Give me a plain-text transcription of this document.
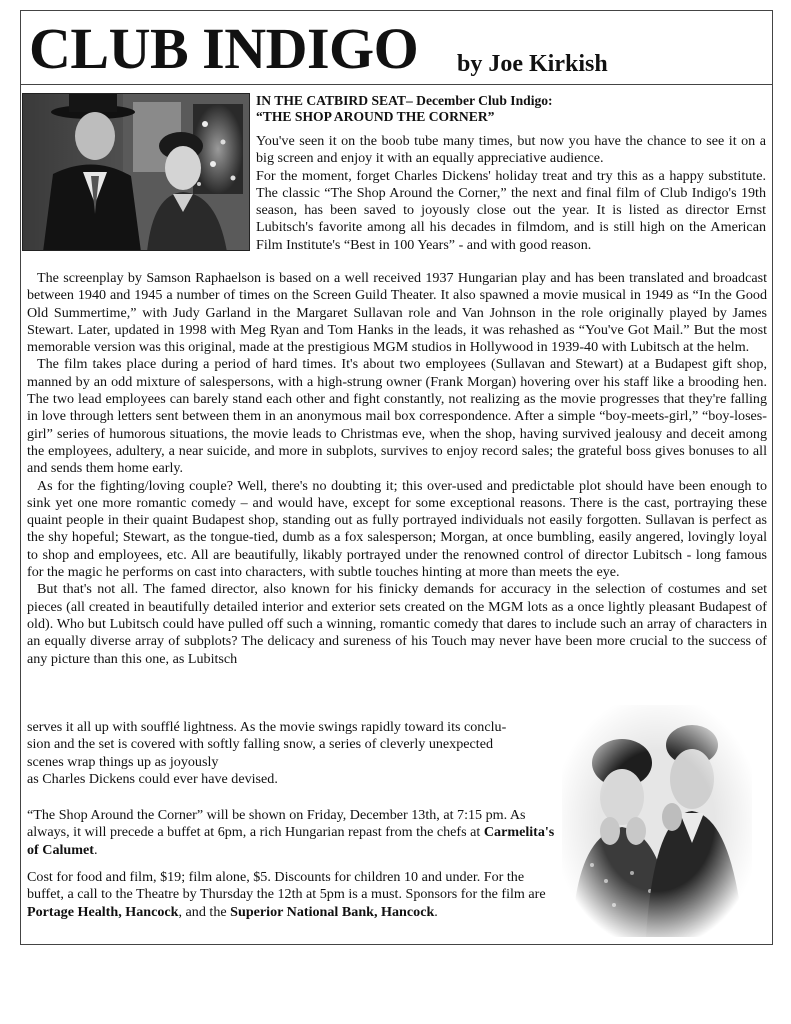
CLUB INDIGO by Joe Kirkish

IN THE CATBIRD SEAT– December Club Indigo:

“THE SHOP AROUND THE CORNER”

You've seen it on the boob tube many times, but now you have the chance to see it on a big screen and enjoy it with an equally appreciative audience.

For the moment, forget Charles Dickens' holiday treat and try this as a happy substitute. The classic “The Shop Around the Corner,” the next and final film of Club Indigo's 19th season, has been saved to joyously close out the year. It is listed as director Ernst Lubitsch's favorite among all his decades in filmdom, and is still high on the American Film Institute's “Best in 100 Years” - and with good reason.

The screenplay by Samson Raphaelson is based on a well received 1937 Hungarian play and has been translated and broadcast between 1940 and 1945 a number of times on the Screen Guild Theater. It also spawned a movie musical in 1949 as “In the Good Old Summertime,” with Judy Garland in the Margaret Sullavan role and Van Johnson in the role originally played by James Stewart. Later, updated in 1998 with Meg Ryan and Tom Hanks in the leads, it was rehashed as “You've Got Mail.” But the most memorable version was this original, made at the prestigious MGM studios in Hollywood in 1939-40 with Lubitsch at the helm.

The film takes place during a period of hard times. It's about two employees (Sullavan and Stewart) at a Budapest gift shop, manned by an odd mixture of salespersons, with a high-strung owner (Frank Morgan) hovering over his staff like a brooding hen. The two lead employees can barely stand each other and fight constantly, not realizing as the movie progresses that they're falling in love through letters sent between them in an anonymous mail box correspondence. After a simple “boy-meets-girl,” “boy-loses-girl” series of humorous situations, the movie leads to Christmas eve, when the shop, having survived jealousy and deceit among the employees, adultery, a near suicide, and more in subplots, survives to enjoy record sales; the grateful boss gives bonuses to all and sends them home early.

As for the fighting/loving couple? Well, there's no doubting it; this over-used and predictable plot should have been enough to sink yet one more romantic comedy – and would have, except for some exceptional reasons. There is the cast, portraying these quaint people in their quaint Budapest shop, standing out as fully portrayed individuals not easily forgotten. Sullavan is perfect as the shy hopeful; Stewart, as the tongue-tied, dumb as a fox salesperson; Morgan, at once bumbling, easily angered, lovingly loyal to shop and employees, etc. All are beautifully, likably portrayed under the renowned control of director Lubitsch - long famous for the magic he performs on cast into characters, with subtle touches hinting at more than meets the eye.

But that's not all. The famed director, also known for his finicky demands for accuracy in the selection of costumes and set pieces (all created in beautifully detailed interior and exterior sets created on the MGM lots as a once lightly pleasant Budapest of old). Who but Lubitsch could have pulled off such a winning, romantic comedy that dares to include such an array of characters in an equally diverse array of subplots? The delicacy and sureness of his Touch may never have been more crucial to the success of any picture than this one, as Lubitsch

serves it all up with soufflé lightness. As the movie swings rapidly toward its conclu-

sion and the set is covered with softly falling snow, a series of cleverly unexpected

scenes wrap things up as joyously

as Charles Dickens could ever have devised.

“The Shop Around the Corner” will be shown on Friday, December 13th, at 7:15 pm. As always, it will precede a buffet at 6pm, a rich Hungarian repast from the chefs at Carmelita's of Calumet.

Cost for food and film, $19; film alone, $5. Discounts for children 10 and under. For the buffet, a call to the Theatre by Thursday the 12th at 5pm is a must. Sponsors for the film are Portage Health, Hancock, and the Superior National Bank, Hancock.
